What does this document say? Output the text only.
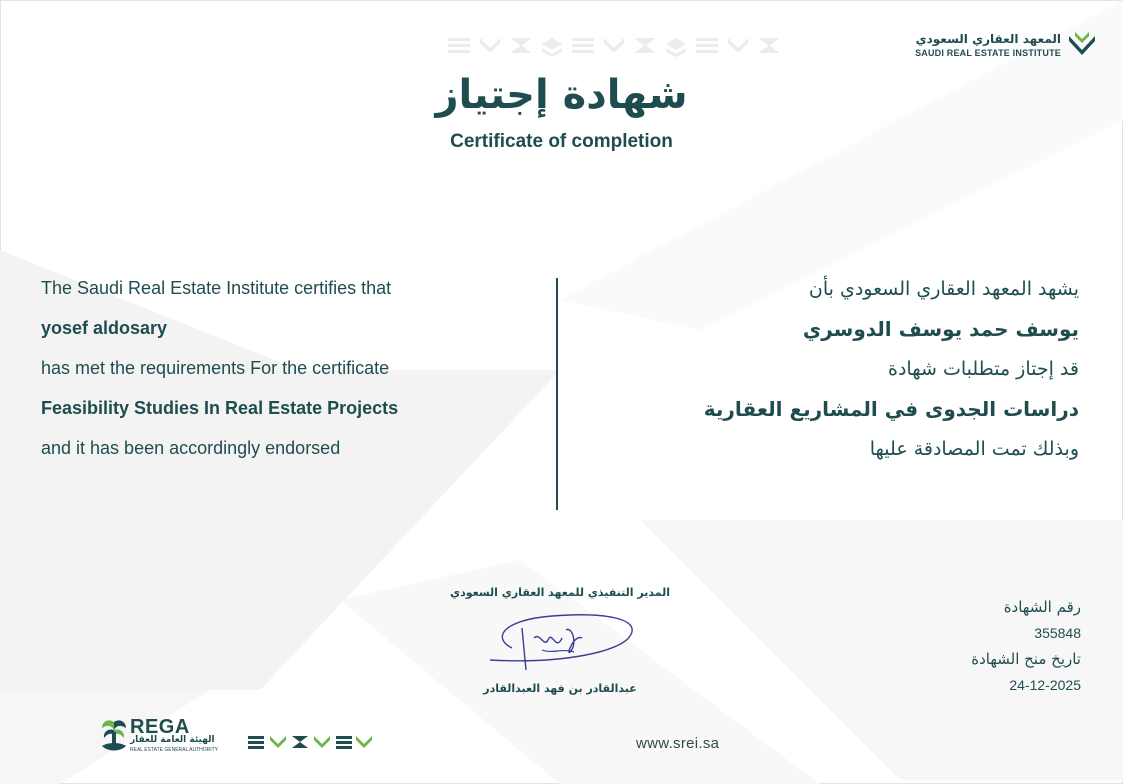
المعهد العقاري السعودي
SAUDI REAL ESTATE INSTITUTE
شهادة إجتياز
Certificate of completion
The Saudi Real Estate Institute certifies that
yosef aldosary
has met the requirements For the certificate
Feasibility Studies In Real Estate Projects
and it has been accordingly endorsed
يشهد المعهد العقاري السعودي بأن
يوسف حمد يوسف الدوسري
قد إجتاز متطلبات شهادة
دراسات الجدوى في المشاريع العقارية
وبذلك تمت المصادقة عليها
المدير التنفيذي للمعهد العقاري السعودي
عبدالقادر بن فهد العبدالقادر
رقم الشهادة
355848
تاريخ منح الشهادة
24-12-2025
REGA
الهيئة العامة للعقار
REAL ESTATE GENERAL AUTHORITY	www.srei.sa
